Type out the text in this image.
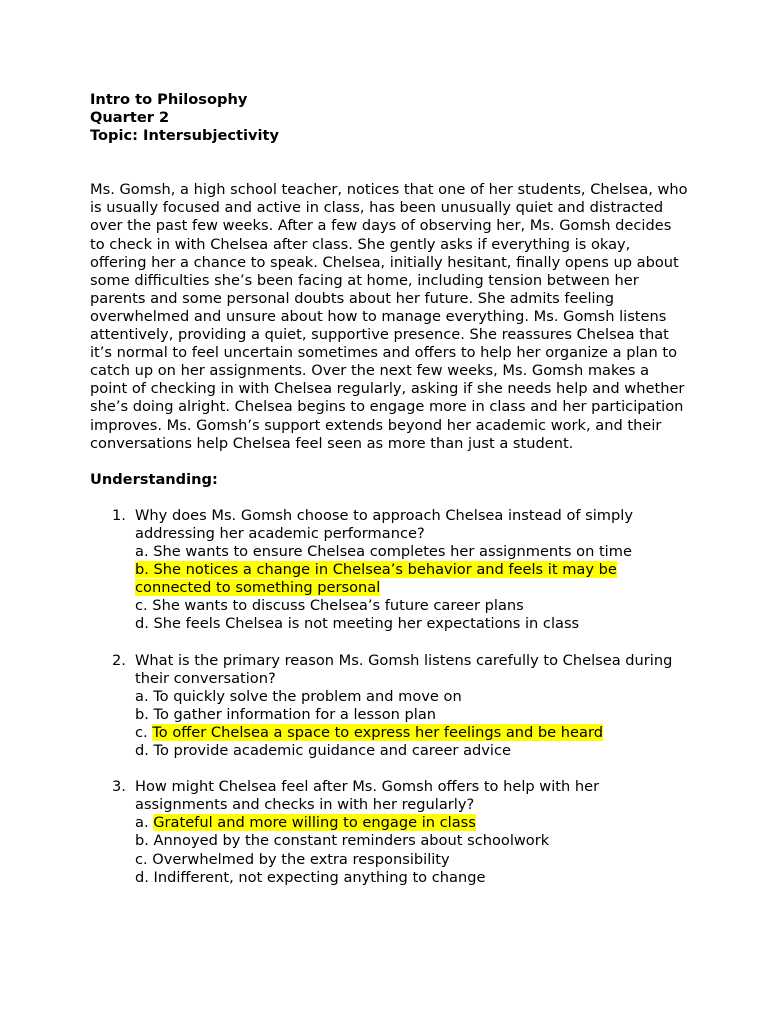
Intro to Philosophy
Quarter 2
Topic: Intersubjectivity
Ms. Gomsh, a high school teacher, notices that one of her students, Chelsea, who is usually focused and active in class, has been unusually quiet and distracted over the past few weeks. After a few days of observing her, Ms. Gomsh decides to check in with Chelsea after class. She gently asks if everything is okay, offering her a chance to speak. Chelsea, initially hesitant, finally opens up about some difficulties she’s been facing at home, including tension between her parents and some personal doubts about her future. She admits feeling overwhelmed and unsure about how to manage everything. Ms. Gomsh listens attentively, providing a quiet, supportive presence. She reassures Chelsea that it’s normal to feel uncertain sometimes and offers to help her organize a plan to catch up on her assignments. Over the next few weeks, Ms. Gomsh makes a point of checking in with Chelsea regularly, asking if she needs help and whether she’s doing alright. Chelsea begins to engage more in class and her participation improves. Ms. Gomsh’s support extends beyond her academic work, and their conversations help Chelsea feel seen as more than just a student.
Understanding:
1. Why does Ms. Gomsh choose to approach Chelsea instead of simply addressing her academic performance?
a. She wants to ensure Chelsea completes her assignments on time
b. She notices a change in Chelsea’s behavior and feels it may be connected to something personal
c. She wants to discuss Chelsea’s future career plans
d. She feels Chelsea is not meeting her expectations in class
2. What is the primary reason Ms. Gomsh listens carefully to Chelsea during their conversation?
a. To quickly solve the problem and move on
b. To gather information for a lesson plan
c. To offer Chelsea a space to express her feelings and be heard
d. To provide academic guidance and career advice
3. How might Chelsea feel after Ms. Gomsh offers to help with her assignments and checks in with her regularly?
a. Grateful and more willing to engage in class
b. Annoyed by the constant reminders about schoolwork
c. Overwhelmed by the extra responsibility
d. Indifferent, not expecting anything to change
